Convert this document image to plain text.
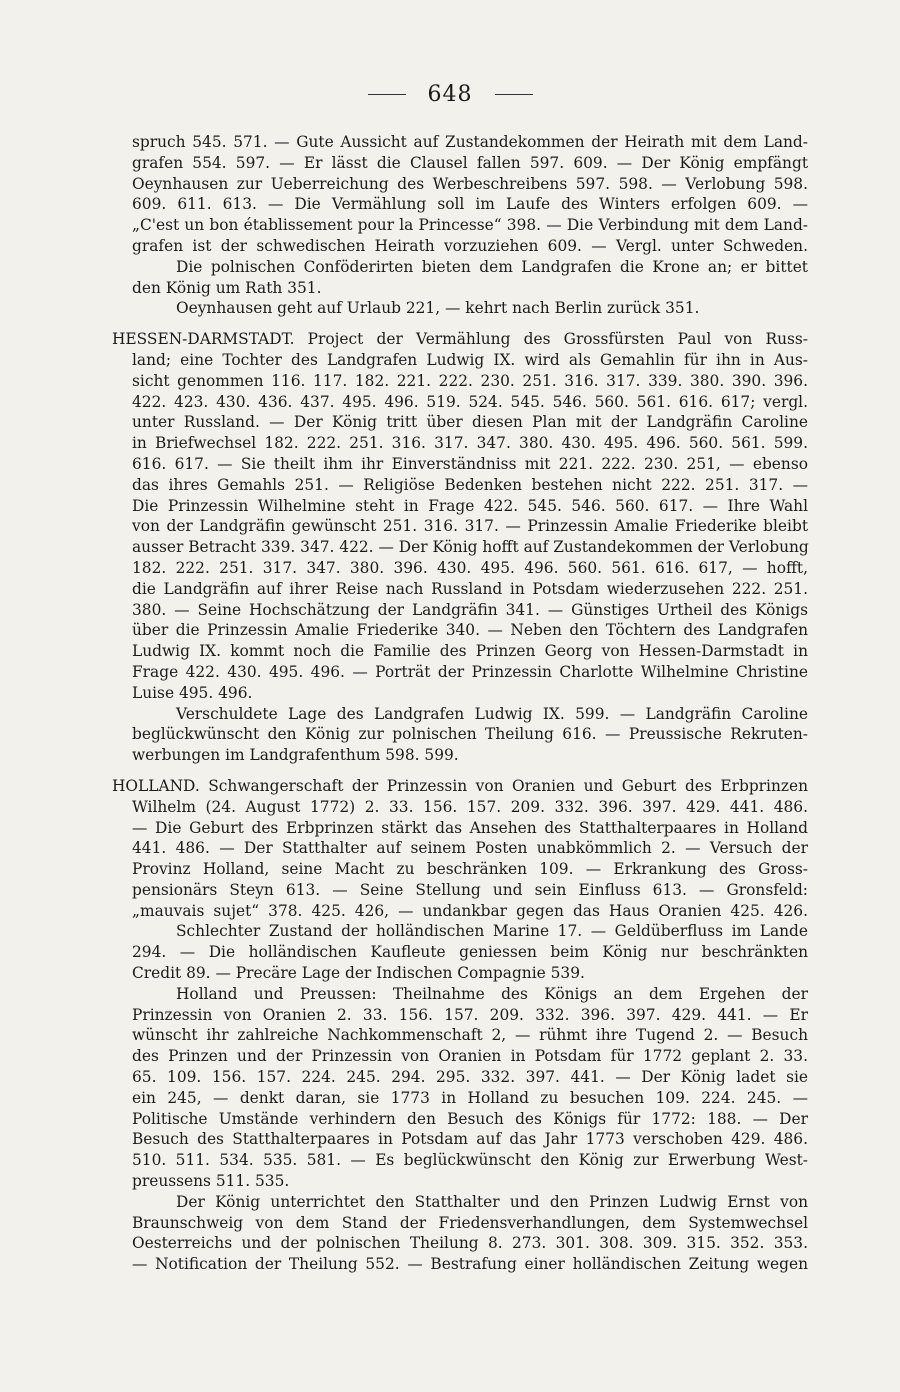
648
spruch 545. 571. — Gute Aussicht auf Zustandekommen der Heirath mit dem Land-
grafen 554. 597. — Er lässt die Clausel fallen 597. 609. — Der König empfängt
Oeynhausen zur Ueberreichung des Werbeschreibens 597. 598. — Verlobung 598.
609. 611. 613. — Die Vermählung soll im Laufe des Winters erfolgen 609. —
„C'est un bon établissement pour la Princesse“ 398. — Die Verbindung mit dem Land-
grafen ist der schwedischen Heirath vorzuziehen 609. — Vergl. unter Schweden.
Die polnischen Conföderirten bieten dem Landgrafen die Krone an; er bittet
den König um Rath 351.
Oeynhausen geht auf Urlaub 221, — kehrt nach Berlin zurück 351.
HESSEN-DARMSTADT. Project der Vermählung des Grossfürsten Paul von Russ-
land; eine Tochter des Landgrafen Ludwig IX. wird als Gemahlin für ihn in Aus-
sicht genommen 116. 117. 182. 221. 222. 230. 251. 316. 317. 339. 380. 390. 396.
422. 423. 430. 436. 437. 495. 496. 519. 524. 545. 546. 560. 561. 616. 617; vergl.
unter Russland. — Der König tritt über diesen Plan mit der Landgräfin Caroline
in Briefwechsel 182. 222. 251. 316. 317. 347. 380. 430. 495. 496. 560. 561. 599.
616. 617. — Sie theilt ihm ihr Einverständniss mit 221. 222. 230. 251, — ebenso
das ihres Gemahls 251. — Religiöse Bedenken bestehen nicht 222. 251. 317. —
Die Prinzessin Wilhelmine steht in Frage 422. 545. 546. 560. 617. — Ihre Wahl
von der Landgräfin gewünscht 251. 316. 317. — Prinzessin Amalie Friederike bleibt
ausser Betracht 339. 347. 422. — Der König hofft auf Zustandekommen der Verlobung
182. 222. 251. 317. 347. 380. 396. 430. 495. 496. 560. 561. 616. 617, — hofft,
die Landgräfin auf ihrer Reise nach Russland in Potsdam wiederzusehen 222. 251.
380. — Seine Hochschätzung der Landgräfin 341. — Günstiges Urtheil des Königs
über die Prinzessin Amalie Friederike 340. — Neben den Töchtern des Landgrafen
Ludwig IX. kommt noch die Familie des Prinzen Georg von Hessen-Darmstadt in
Frage 422. 430. 495. 496. — Porträt der Prinzessin Charlotte Wilhelmine Christine
Luise 495. 496.
Verschuldete Lage des Landgrafen Ludwig IX. 599. — Landgräfin Caroline
beglückwünscht den König zur polnischen Theilung 616. — Preussische Rekruten-
werbungen im Landgrafenthum 598. 599.
HOLLAND. Schwangerschaft der Prinzessin von Oranien und Geburt des Erbprinzen
Wilhelm (24. August 1772) 2. 33. 156. 157. 209. 332. 396. 397. 429. 441. 486.
— Die Geburt des Erbprinzen stärkt das Ansehen des Statthalterpaares in Holland
441. 486. — Der Statthalter auf seinem Posten unabkömmlich 2. — Versuch der
Provinz Holland, seine Macht zu beschränken 109. — Erkrankung des Gross-
pensionärs Steyn 613. — Seine Stellung und sein Einfluss 613. — Gronsfeld:
„mauvais sujet“ 378. 425. 426, — undankbar gegen das Haus Oranien 425. 426.
Schlechter Zustand der holländischen Marine 17. — Geldüberfluss im Lande
294. — Die holländischen Kaufleute geniessen beim König nur beschränkten
Credit 89. — Precäre Lage der Indischen Compagnie 539.
Holland und Preussen: Theilnahme des Königs an dem Ergehen der
Prinzessin von Oranien 2. 33. 156. 157. 209. 332. 396. 397. 429. 441. — Er
wünscht ihr zahlreiche Nachkommenschaft 2, — rühmt ihre Tugend 2. — Besuch
des Prinzen und der Prinzessin von Oranien in Potsdam für 1772 geplant 2. 33.
65. 109. 156. 157. 224. 245. 294. 295. 332. 397. 441. — Der König ladet sie
ein 245, — denkt daran, sie 1773 in Holland zu besuchen 109. 224. 245. —
Politische Umstände verhindern den Besuch des Königs für 1772: 188. — Der
Besuch des Statthalterpaares in Potsdam auf das Jahr 1773 verschoben 429. 486.
510. 511. 534. 535. 581. — Es beglückwünscht den König zur Erwerbung West-
preussens 511. 535.
Der König unterrichtet den Statthalter und den Prinzen Ludwig Ernst von
Braunschweig von dem Stand der Friedensverhandlungen, dem Systemwechsel
Oesterreichs und der polnischen Theilung 8. 273. 301. 308. 309. 315. 352. 353.
— Notification der Theilung 552. — Bestrafung einer holländischen Zeitung wegen
